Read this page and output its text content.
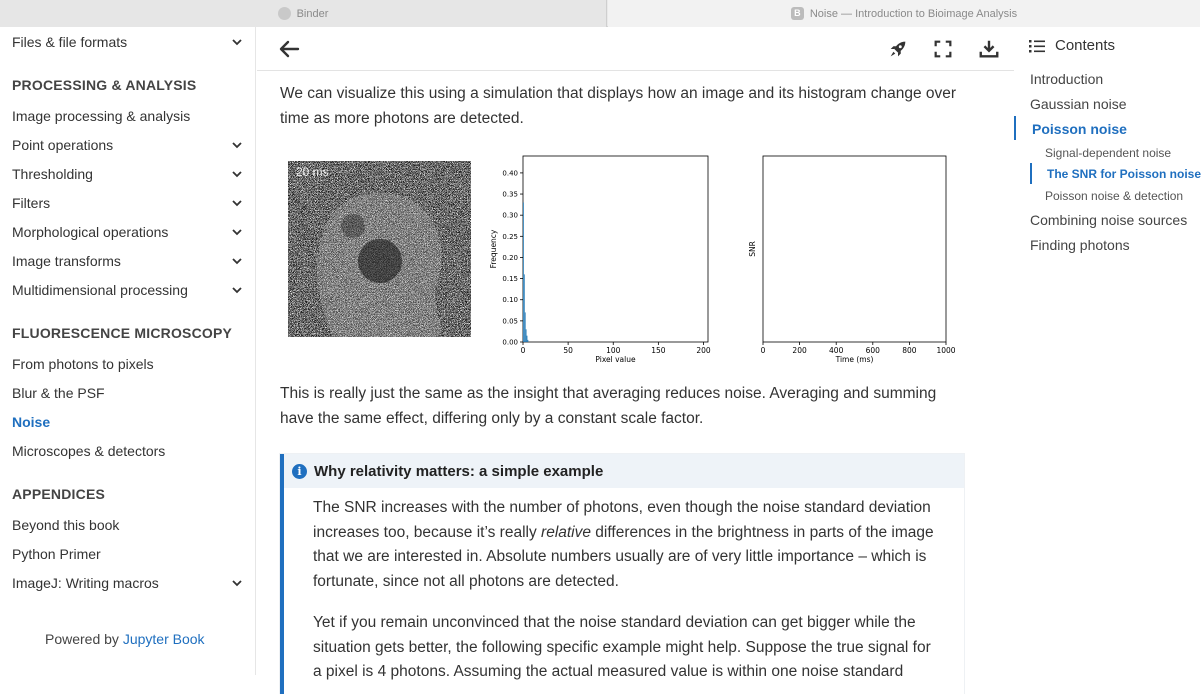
Binder	B Noise — Introduction to Bioimage Analysis
Files & file formats
PROCESSING & ANALYSIS
Image processing & analysis
Point operations
Thresholding
Filters
Morphological operations
Image transforms
Multidimensional processing
FLUORESCENCE MICROSCOPY
From photons to pixels
Blur & the PSF
Noise
Microscopes & detectors
APPENDICES
Beyond this book
Python Primer
ImageJ: Writing macros
Powered by Jupyter Book

We can visualize this using a simulation that displays how an image and its histogram change over time as more photons are detected.

20 ms
0.00
0.05
0.10
0.15
0.20
0.25
0.30
0.35
0.40
0	50	100	150	200
Pixel value
Frequency
0	200	400	600	800	1000
Time (ms)
SNR

This is really just the same as the insight that averaging reduces noise. Averaging and summing have the same effect, differing only by a constant scale factor.

i Why relativity matters: a simple example

The SNR increases with the number of photons, even though the noise standard deviation increases too, because it’s really relative differences in the brightness in parts of the image that we are interested in. Absolute numbers usually are of very little importance – which is fortunate, since not all photons are detected.

Yet if you remain unconvinced that the noise standard deviation can get bigger while the situation gets better, the following specific example might help. Suppose the true signal for a pixel is 4 photons. Assuming the actual measured value is within one noise standard

Contents
Introduction
Gaussian noise
Poisson noise
Signal-dependent noise
The SNR for Poisson noise
Poisson noise & detection
Combining noise sources
Finding photons
